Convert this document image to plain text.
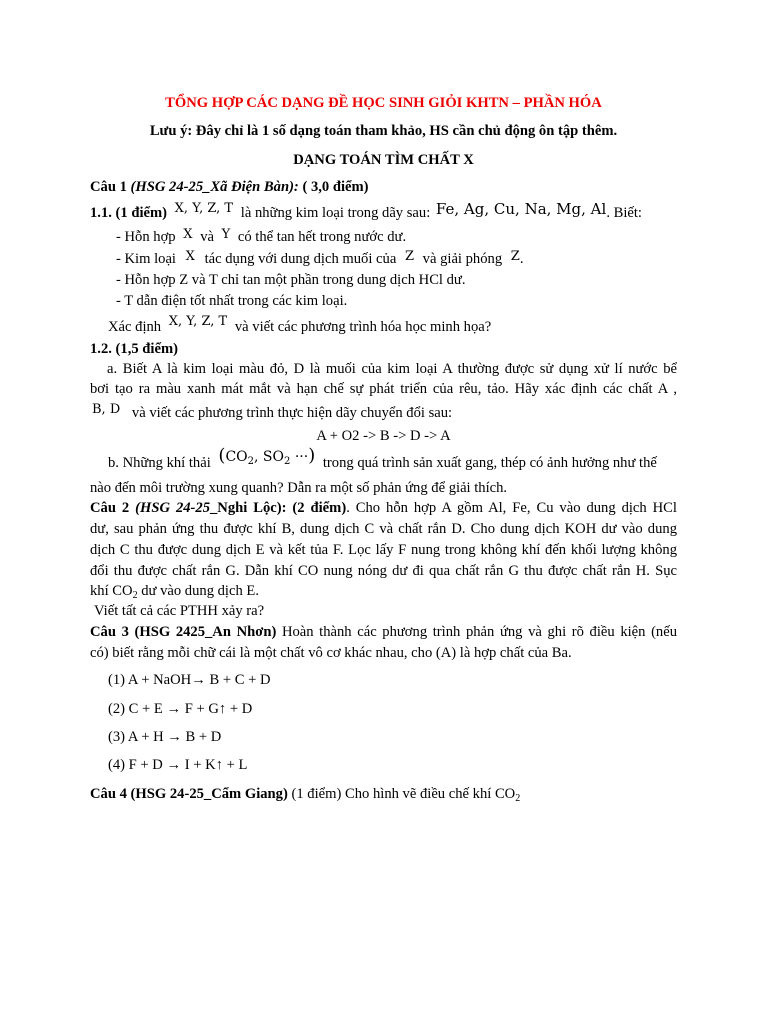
TỔNG HỢP CÁC DẠNG ĐỀ HỌC SINH GIỎI KHTN – PHẦN HÓA
Lưu ý: Đây chỉ là 1 số dạng toán tham khảo, HS cần chủ động ôn tập thêm.
DẠNG TOÁN TÌM CHẤT X
Câu 1 (HSG 24-25_Xã Điện Bàn): ( 3,0 điểm)
1.1. (1 điểm) X, Y, Z, T là những kim loại trong dãy sau: Fe, Ag, Cu, Na, Mg, Al. Biết:
- Hỗn hợp X và Y có thể tan hết trong nước dư.
- Kim loại X tác dụng với dung dịch muối của Z và giải phóng Z.
- Hỗn hợp Z và T chỉ tan một phần trong dung dịch HCl dư.
- T dẫn điện tốt nhất trong các kim loại.
Xác định X, Y, Z, T và viết các phương trình hóa học minh họa?
1.2. (1,5 điểm)
a. Biết A là kim loại màu đỏ, D là muối của kim loại A thường được sử dụng xử lí nước bể
bơi tạo ra màu xanh mát mắt và hạn chế sự phát triển của rêu, tảo. Hãy xác định các chất A ,
B, D và viết các phương trình thực hiện dãy chuyển đổi sau:
A + O2 -> B -> D -> A
b. Những khí thải ($CO_2$, $SO_2$ ···) trong quá trình sản xuất gang, thép có ảnh hưởng như thế
nào đến môi trường xung quanh? Dẫn ra một số phản ứng để giải thích.
Câu 2 (HSG 24-25_Nghi Lộc): (2 điểm). Cho hỗn hợp A gồm Al, Fe, Cu vào dung dịch HCl
dư, sau phản ứng thu được khí B, dung dịch C và chất rắn D. Cho dung dịch KOH dư vào dung
dịch C thu được dung dịch E và kết tủa F. Lọc lấy F nung trong không khí đến khối lượng không
đổi thu được chất rắn G. Dẫn khí CO nung nóng dư đi qua chất rắn G thu được chất rắn H. Sục
khí $CO_2$ dư vào dung dịch E.
Viết tất cả các PTHH xảy ra?
Câu 3 (HSG 2425_An Nhơn) Hoàn thành các phương trình phản ứng và ghi rõ điều kiện (nếu
có) biết rằng mỗi chữ cái là một chất vô cơ khác nhau, cho (A) là hợp chất của Ba.
(1) A + NaOH→ B + C + D
(2) C + E → F + G↑ + D
(3) A + H → B + D
(4) F + D → I + K↑ + L
Câu 4 (HSG 24-25_Cẩm Giang) (1 điểm) Cho hình vẽ điều chế khí $CO_2$
